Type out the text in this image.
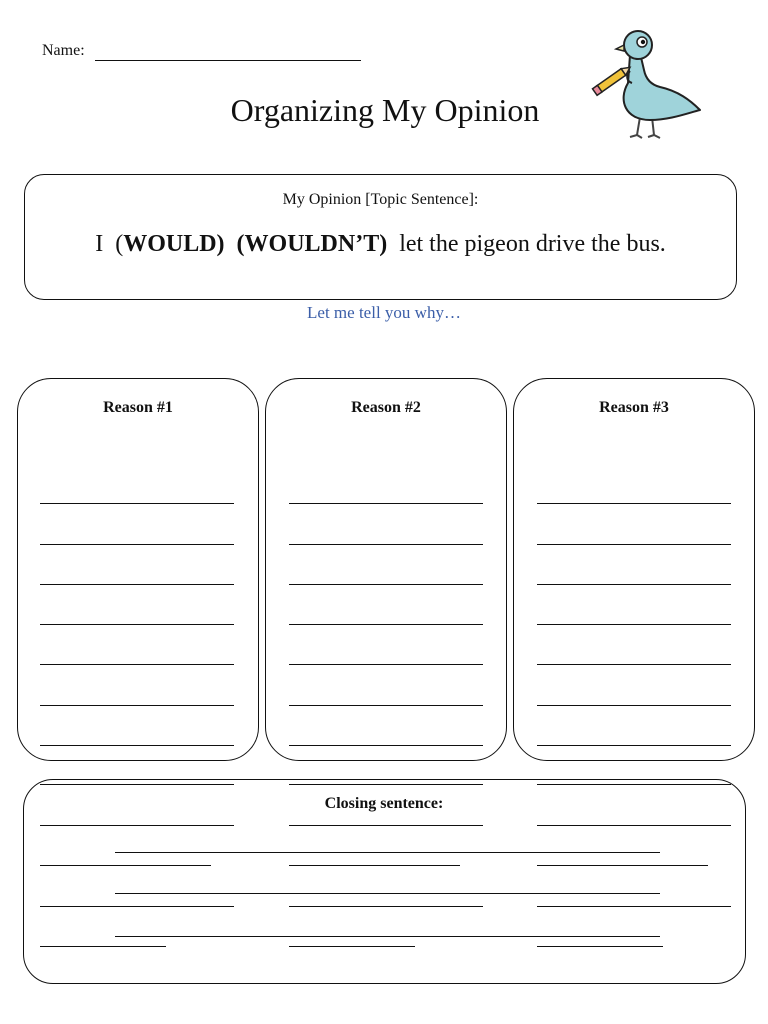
Name:
Organizing My Opinion
My Opinion [Topic Sentence]:
I  (WOULD) (WOULDN’T) let the pigeon drive the bus.
Let me tell you why…
Reason #1	Reason #2	Reason #3
Closing sentence:
